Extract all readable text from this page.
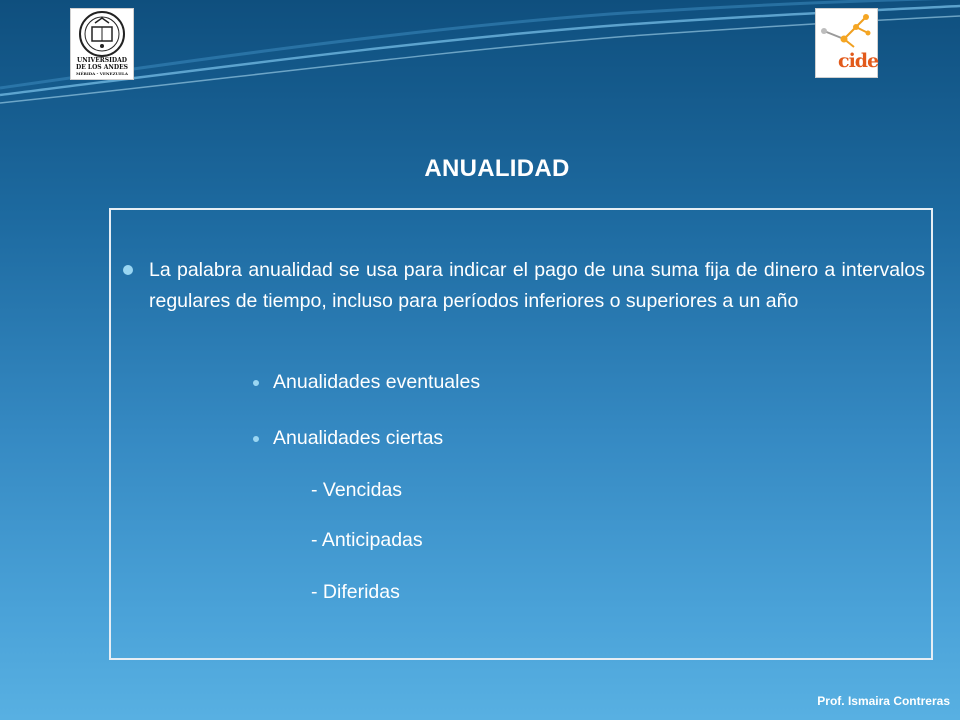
UNIVERSIDAD
DE LOS ANDES
MÉRIDA - VENEZUELA
cide
ANUALIDAD
La palabra anualidad se usa para indicar el pago de una suma fija de dinero a intervalos regulares de tiempo, incluso para períodos inferiores o superiores a un año
Anualidades eventuales
Anualidades ciertas
- Vencidas
- Anticipadas
- Diferidas
Prof. Ismaira Contreras
